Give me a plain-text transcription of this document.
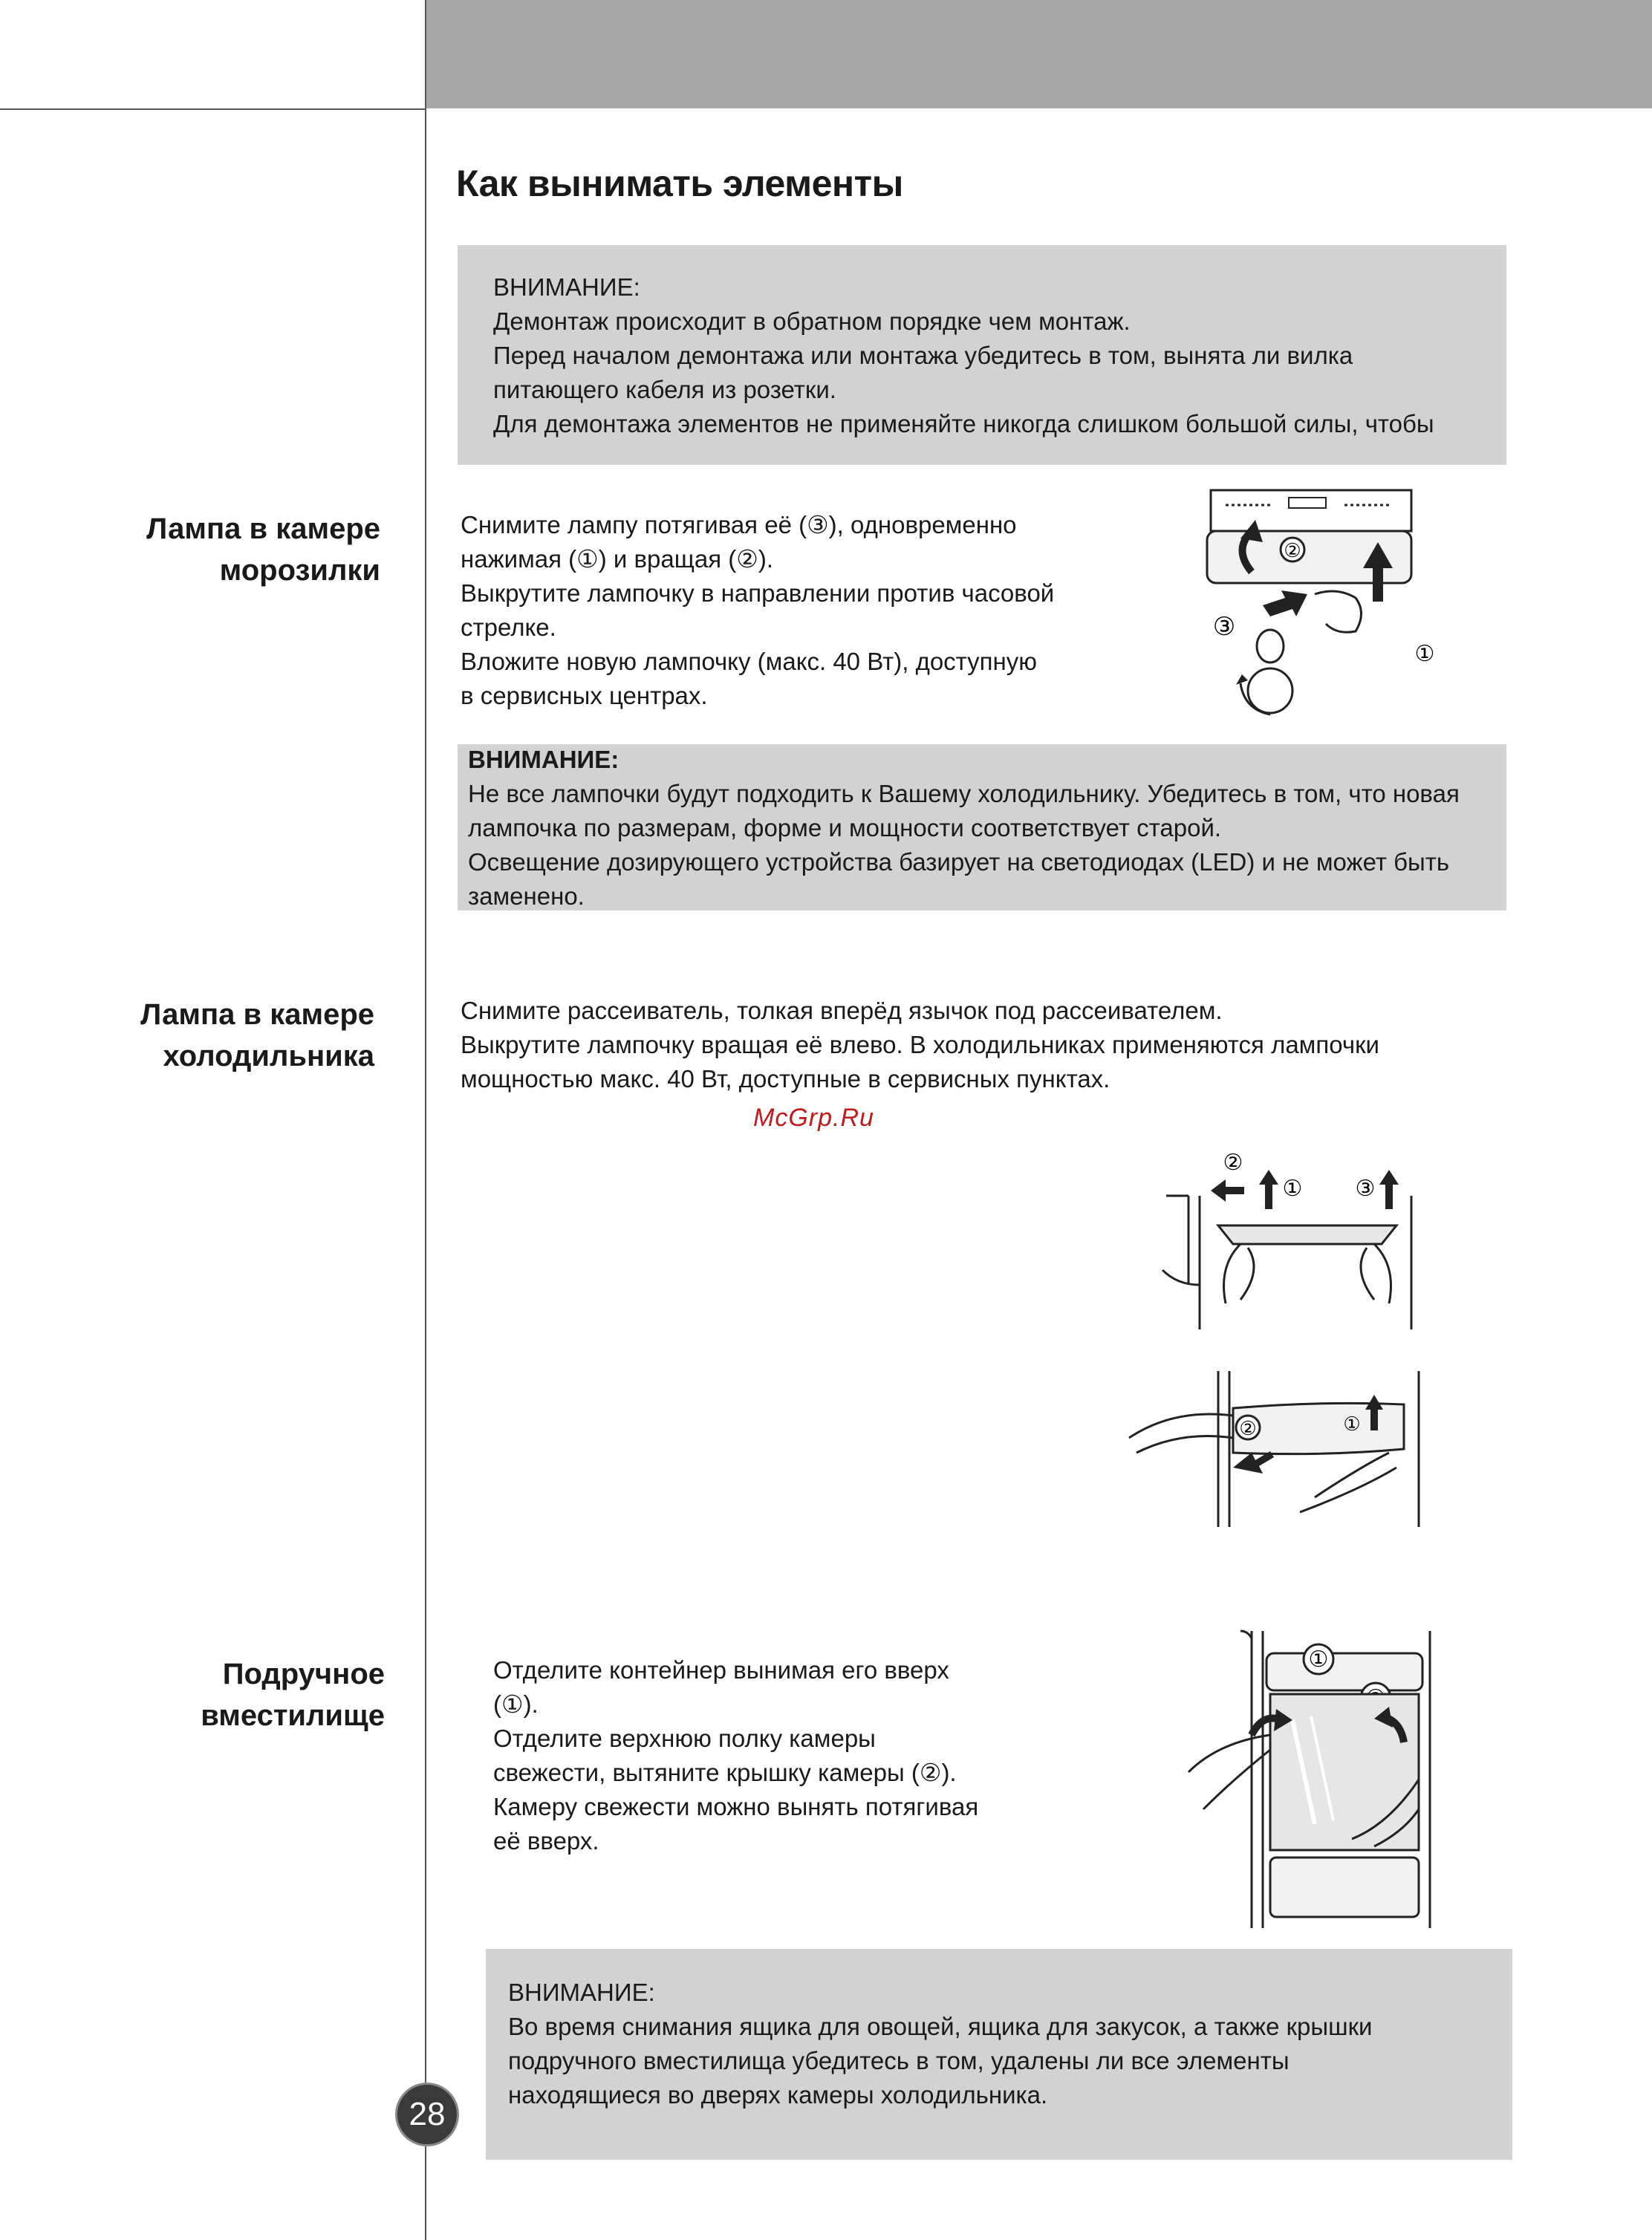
Как вынимать элементы
ВНИМАНИЕ:
Демонтаж происходит в обратном порядке чем монтаж.
Перед началом демонтажа или монтажа убедитесь в том, вынята ли вилка
питающего кабеля из розетки.
Для демонтажа элементов не применяйте никогда слишком большой силы, чтобы
Лампа в камере
морозилки
Снимите лампу потягивая её (③), одновременно
нажимая (①) и вращая (②).
Выкрутите лампочку в направлении против часовой
стрелке.
Вложите новую лампочку (макс. 40 Вт), доступную
в сервисных центрах.
②
③
①
ВНИМАНИЕ:
Не все лампочки будут подходить к Вашему холодильнику. Убедитесь в том, что новая
лампочка по размерам, форме и мощности соответствует старой.
Освещение дозирующего устройства базирует на светодиодах (LED) и не может быть
заменено.
Лампа в камере
холодильника
Снимите рассеиватель, толкая вперёд язычок под рассеивателем.
Выкрутите лампочку вращая её влево. В холодильниках применяются лампочки
мощностью макс. 40 Вт, доступные в сервисных пунктах.
McGrp.Ru
②
① ③
②	①
Подручное
вместилище
Отделите контейнер вынимая его вверх
(①).
Отделите верхнюю полку камеры
свежести, вытяните крышку камеры (②).
Камеру свежести можно вынять потягивая
её вверх.
①
ВНИМАНИЕ:
Во время снимания ящика для овощей, ящика для закусок, а также крышки
подручного вместилища убедитесь в том, удалены ли все элементы
находящиеся во дверях камеры холодильника.
28
